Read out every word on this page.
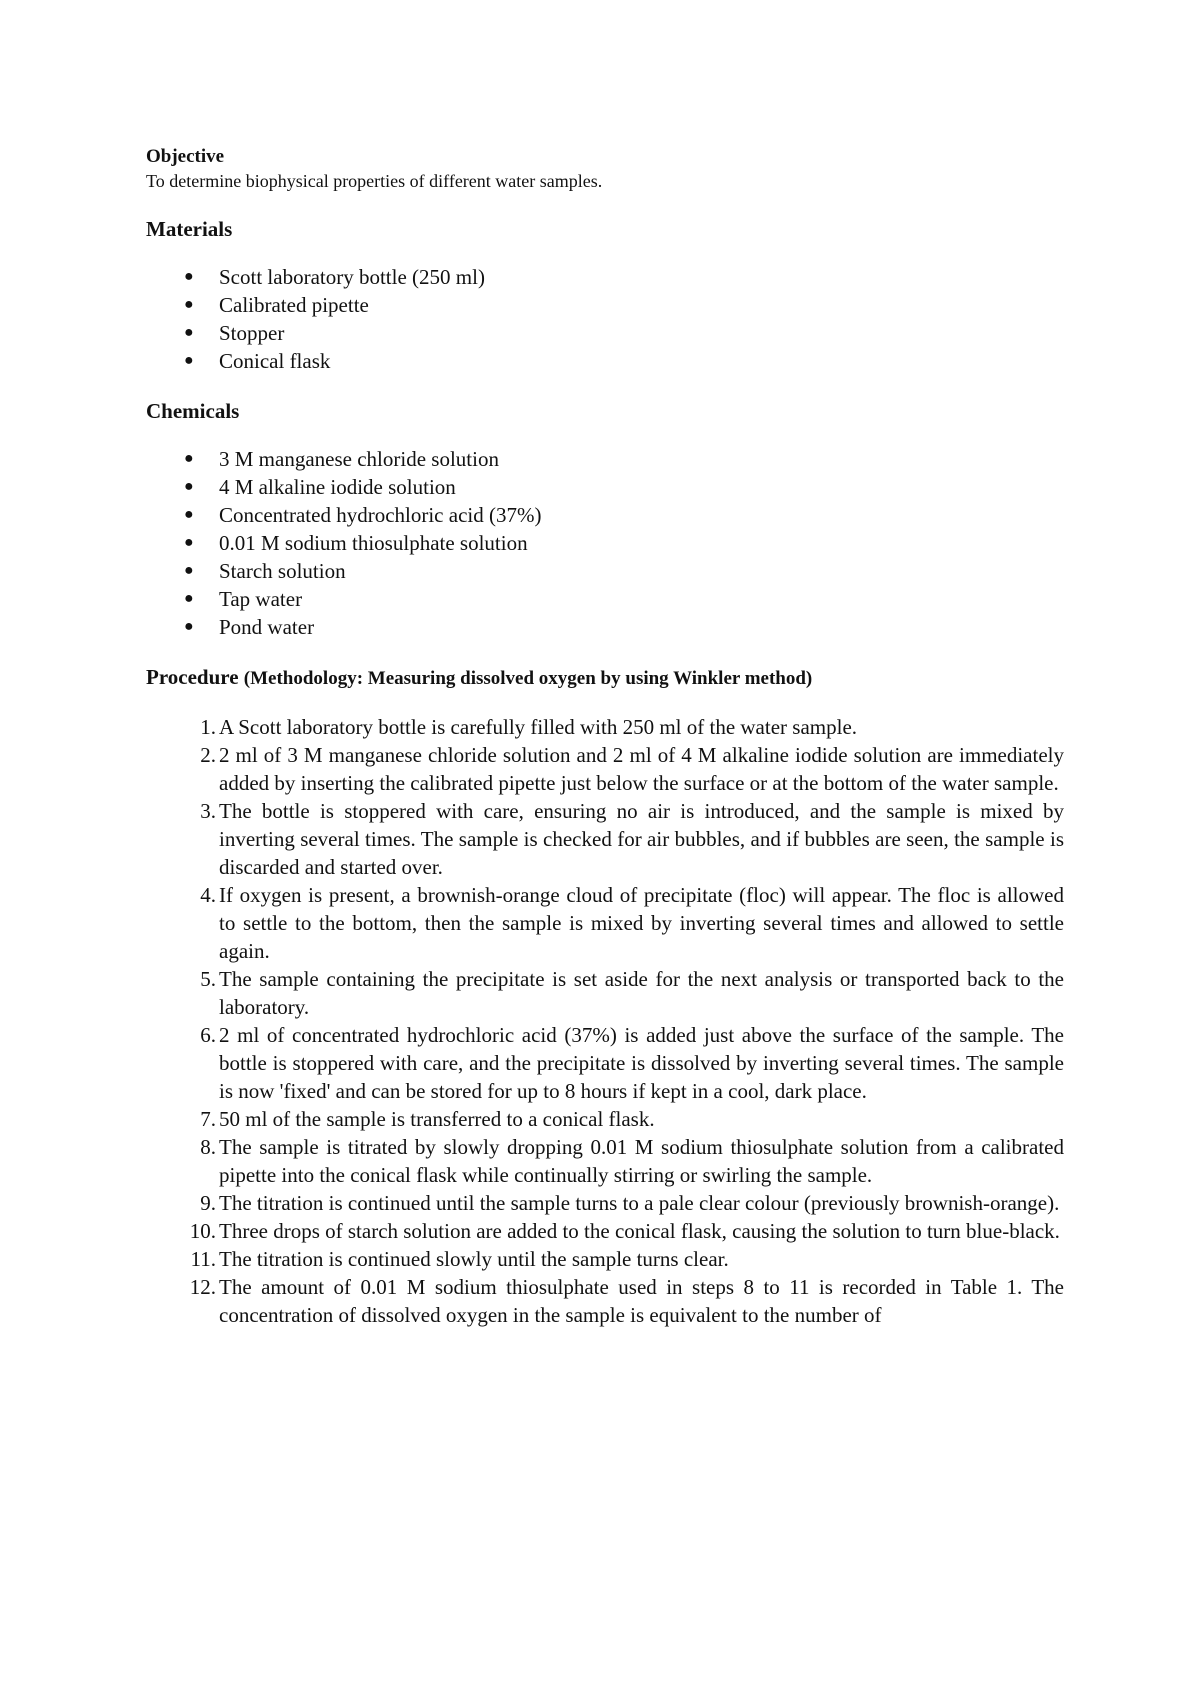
Objective

To determine biophysical properties of different water samples.

Materials
● Scott laboratory bottle (250 ml)
● Calibrated pipette
● Stopper
● Conical flask
Chemicals
● 3 M manganese chloride solution
● 4 M alkaline iodide solution
● Concentrated hydrochloric acid (37%)
● 0.01 M sodium thiosulphate solution
● Starch solution
● Tap water
● Pond water
Procedure (Methodology: Measuring dissolved oxygen by using Winkler method)
1. A Scott laboratory bottle is carefully filled with 250 ml of the water sample.
2. 2 ml of 3 M manganese chloride solution and 2 ml of 4 M alkaline iodide solution are immediately added by inserting the calibrated pipette just below the surface or at the bottom of the water sample.
3. The bottle is stoppered with care, ensuring no air is introduced, and the sample is mixed by inverting several times. The sample is checked for air bubbles, and if bubbles are seen, the sample is discarded and started over.
4. If oxygen is present, a brownish-orange cloud of precipitate (floc) will appear. The floc is allowed to settle to the bottom, then the sample is mixed by inverting several times and allowed to settle again.
5. The sample containing the precipitate is set aside for the next analysis or transported back to the laboratory.
6. 2 ml of concentrated hydrochloric acid (37%) is added just above the surface of the sample. The bottle is stoppered with care, and the precipitate is dissolved by inverting several times. The sample is now 'fixed' and can be stored for up to 8 hours if kept in a cool, dark place.
7. 50 ml of the sample is transferred to a conical flask.
8. The sample is titrated by slowly dropping 0.01 M sodium thiosulphate solution from a calibrated pipette into the conical flask while continually stirring or swirling the sample.
9. The titration is continued until the sample turns to a pale clear colour (previously brownish-orange).
10. Three drops of starch solution are added to the conical flask, causing the solution to turn blue-black.
11. The titration is continued slowly until the sample turns clear.
12. The amount of 0.01 M sodium thiosulphate used in steps 8 to 11 is recorded in Table 1. The concentration of dissolved oxygen in the sample is equivalent to the number of
